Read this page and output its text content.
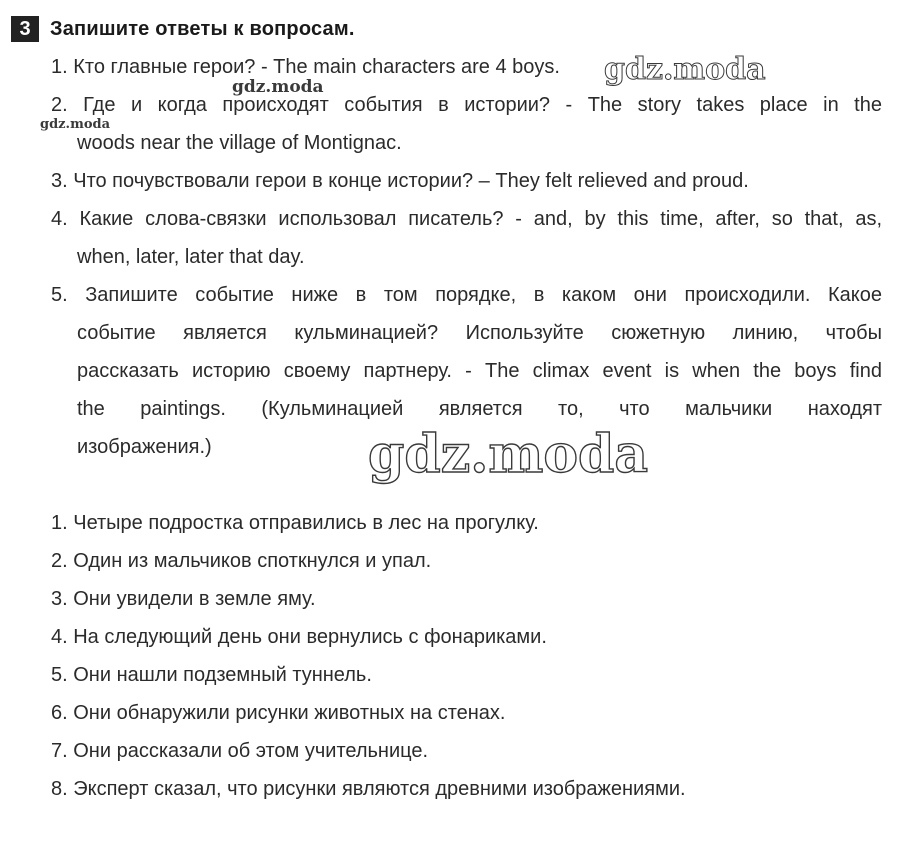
3 Запишите ответы к вопросам.
1. Кто главные герои? - The main characters are 4 boys.
2. Где и когда происходят события в истории? - The story takes place in the
woods near the village of Montignac.
3. Что почувствовали герои в конце истории? – They felt relieved and proud.
4. Какие слова-связки использовал писатель? - and, by this time, after, so that, as,
when, later, later that day.
5. Запишите событие ниже в том порядке, в каком они происходили. Какое
событие является кульминацией? Используйте сюжетную линию, чтобы
рассказать историю своему партнеру. - The climax event is when the boys find
the paintings. (Кульминацией является то, что мальчики находят
изображения.)
1. Четыре подростка отправились в лес на прогулку.
2. Один из мальчиков споткнулся и упал.
3. Они увидели в земле яму.
4. На следующий день они вернулись с фонариками.
5. Они нашли подземный туннель.
6. Они обнаружили рисунки животных на стенах.
7. Они рассказали об этом учительнице.
8. Эксперт сказал, что рисунки являются древними изображениями.
gdz.moda
gdz.moda
gdz.moda
gdz.moda
